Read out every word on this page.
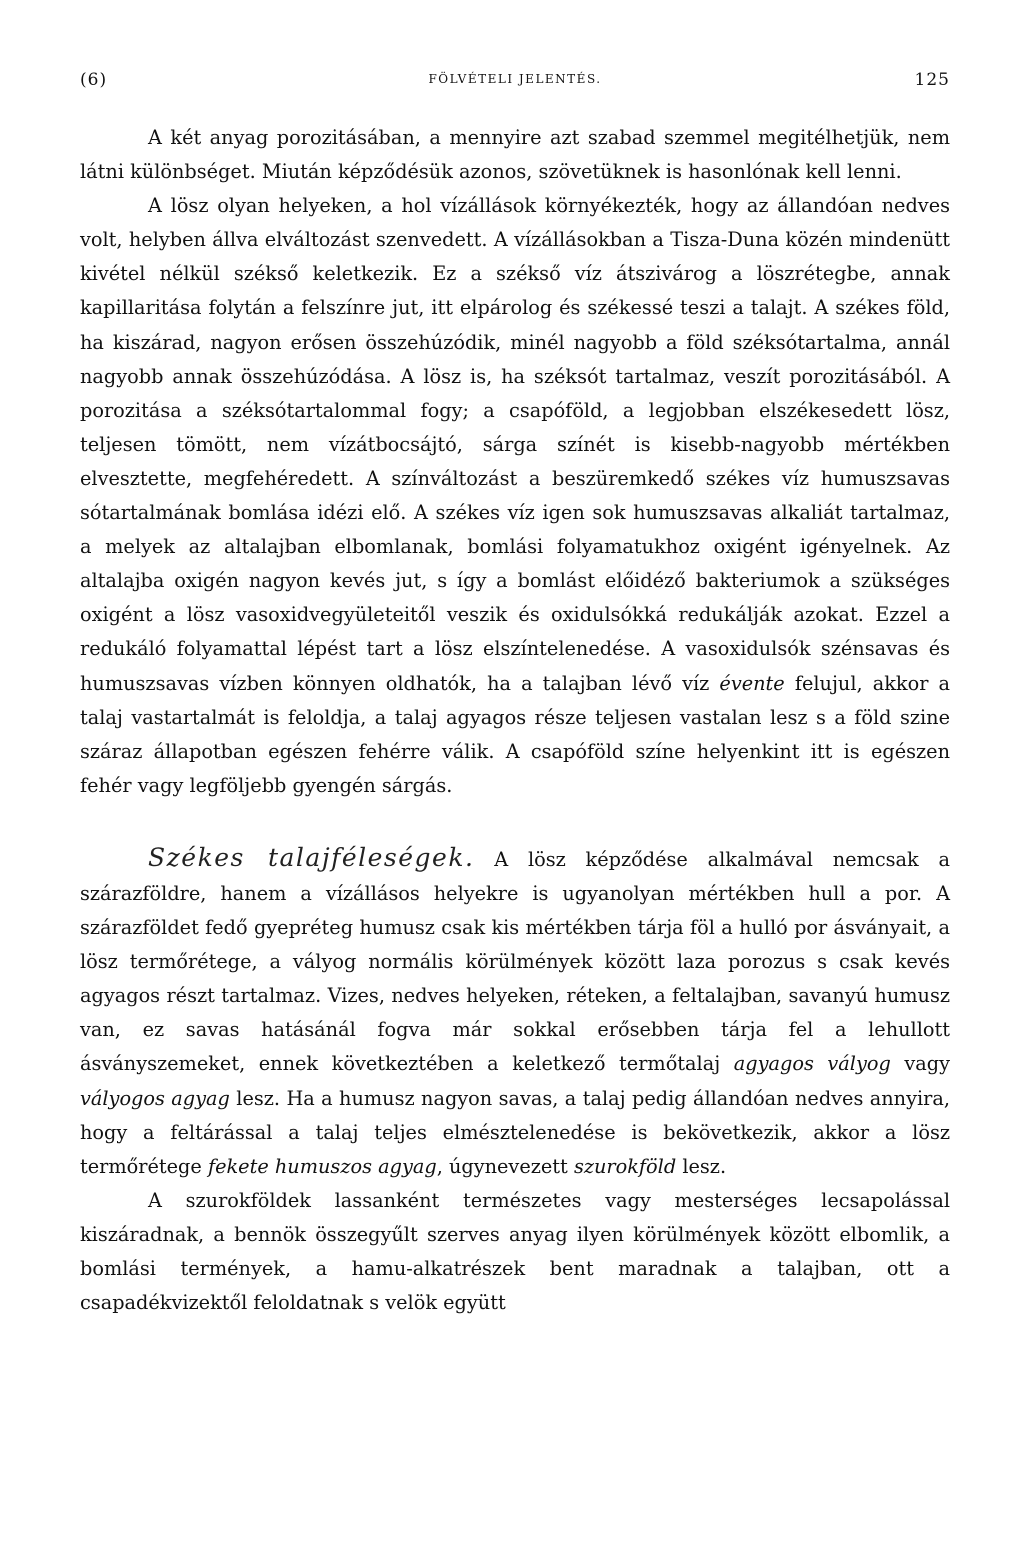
(6)	FÖLVÉTELI JELENTÉS.	125

A két anyag porozitásában, a mennyire azt szabad szemmel megitélhetjük, nem látni különbséget. Miután képződésük azonos, szövetüknek is hasonlónak kell lenni.

A lösz olyan helyeken, a hol vízállások környékezték, hogy az állandóan nedves volt, helyben állva elváltozást szenvedett. A vízállásokban a Tisza-Duna közén mindenütt kivétel nélkül székső keletkezik. Ez a székső víz átszivárog a löszrétegbe, annak kapillaritása folytán a felszínre jut, itt elpárolog és székessé teszi a talajt. A székes föld, ha kiszárad, nagyon erősen összehúzódik, minél nagyobb a föld széksótartalma, annál nagyobb annak összehúzódása. A lösz is, ha széksót tartalmaz, veszít porozitásából. A porozitása a széksótartalommal fogy; a csapóföld, a legjobban elszékesedett lösz, teljesen tömött, nem vízátbocsájtó, sárga színét is kisebb-nagyobb mértékben elvesztette, megfehéredett. A színváltozást a beszüremkedő székes víz humuszsavas sótartalmának bomlása idézi elő. A székes víz igen sok humuszsavas alkaliát tartalmaz, a melyek az altalajban elbomlanak, bomlási folyamatukhoz oxigént igényelnek. Az altalajba oxigén nagyon kevés jut, s így a bomlást előidéző bakteriumok a szükséges oxigént a lösz vasoxidvegyületeitől veszik és oxidulsókká redukálják azokat. Ezzel a redukáló folyamattal lépést tart a lösz elszíntelenedése. A vasoxidulsók szénsavas és humuszsavas vízben könnyen oldhatók, ha a talajban lévő víz évente felujul, akkor a talaj vastartalmát is feloldja, a talaj agyagos része teljesen vastalan lesz s a föld szine száraz állapotban egészen fehérre válik. A csapóföld színe helyenkint itt is egészen fehér vagy legföljebb gyengén sárgás.

Székes talajféleségek. A lösz képződése alkalmával nemcsak a szárazföldre, hanem a vízállásos helyekre is ugyanolyan mértékben hull a por. A szárazföldet fedő gyepréteg humusz csak kis mértékben tárja föl a hulló por ásványait, a lösz termőrétege, a vályog normális körülmények között laza porozus s csak kevés agyagos részt tartalmaz. Vizes, nedves helyeken, réteken, a feltalajban, savanyú humusz van, ez savas hatásánál fogva már sokkal erősebben tárja fel a lehullott ásványszemeket, ennek következtében a keletkező termőtalaj agyagos vályog vagy vályogos agyag lesz. Ha a humusz nagyon savas, a talaj pedig állandóan nedves annyira, hogy a feltárással a talaj teljes elmésztelenedése is bekövetkezik, akkor a lösz termőrétege fekete humuszos agyag, úgynevezett szurokföld lesz.

A szurokföldek lassanként természetes vagy mesterséges lecsapolással kiszáradnak, a bennök összegyűlt szerves anyag ilyen körülmények között elbomlik, a bomlási termények, a hamu-alkatrészek bent maradnak a talajban, ott a csapadékvizektől feloldatnak s velök együtt
